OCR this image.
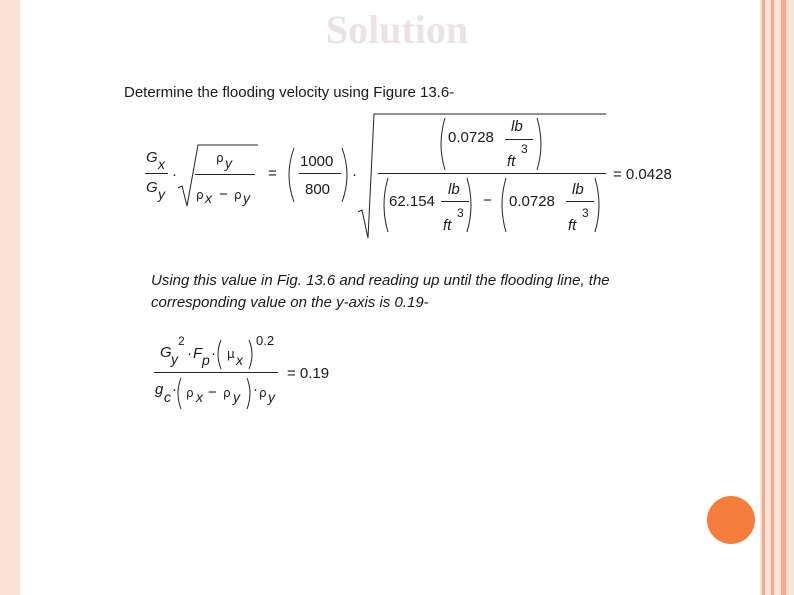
Solution
Determine the flooding velocity using Figure 13.6-
G x
G y
·
ρ y
ρ x − ρ y
=
1000
800
·
0.0728
lb
ft
3
62.154
lb
ft
3
− 0.0728
lb
ft
3
= 0.0428
Using this value in Fig. 13.6 and reading up until the flooding line, the
corresponding value on the y-axis is 0.19-
G y
2
· F p · μ x
0.2
g c · ρ x − ρ y · ρ y
= 0.19
